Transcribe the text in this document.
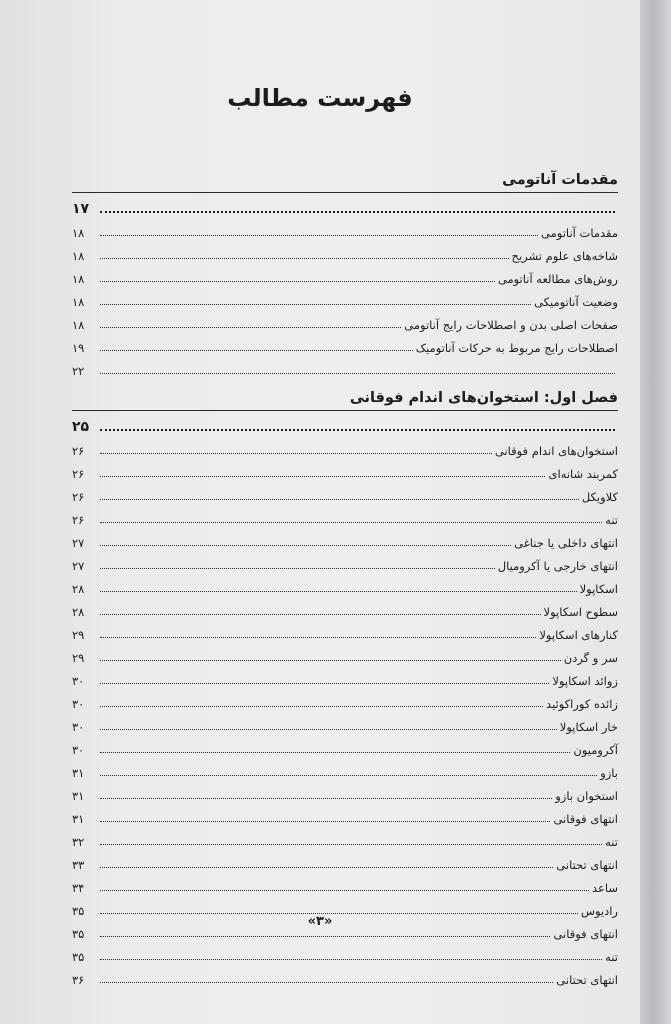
فهرست مطالب
مقدمات آناتومی
۱۷
مقدمات آناتومی
۱۸
شاخه‌های علوم تشریح
۱۸
روش‌های مطالعه آناتومی
۱۸
وضعیت آناتومیکی
۱۸
صفحات اصلی بدن و اصطلاحات رایج آناتومی
۱۸
اصطلاحات رایج مربوط به حرکات آناتومیک
۱۹
۲۲
فصل اول: استخوان‌های اندام فوقانی
۲۵
استخوان‌های اندام فوقانی
۲۶
کمربند شانه‌ای
۲۶
کلاویکل
۲۶
تنه
۲۶
انتهای داخلی یا جناغی
۲۷
انتهای خارجی یا آکرومیال
۲۷
اسکاپولا
۲۸
سطوح اسکاپولا
۲۸
کنارهای اسکاپولا
۲۹
سر و گردن
۲۹
زوائد اسکاپولا
۳۰
زائده کوراکوئید
۳۰
خار اسکاپولا
۳۰
آکرومیون
۳۰
بازو
۳۱
استخوان بازو
۳۱
انتهای فوقانی
۳۱
تنه
۳۲
انتهای تحتانی
۳۳
ساعد
۳۴
رادیوس
۳۵
انتهای فوقانی
۳۵
تنه
۳۵
انتهای تحتانی
۳۶
«۳»
